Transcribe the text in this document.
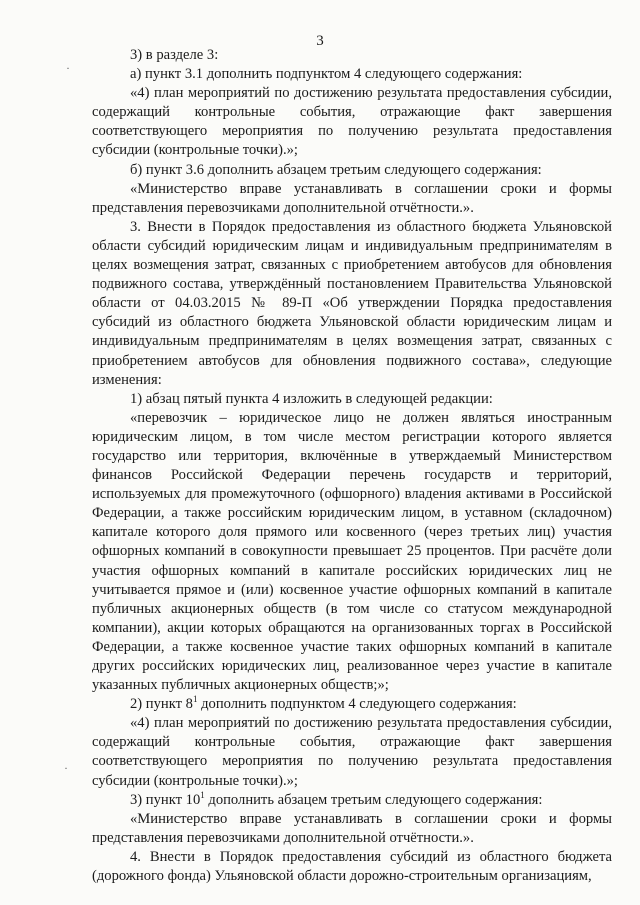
3
·
·

3) в разделе 3:

а) пункт 3.1 дополнить подпунктом 4 следующего содержания:

«4) план мероприятий по достижению результата предоставления субсидии, содержащий контрольные события, отражающие факт завершения соответствующего мероприятия по получению результата предоставления субсидии (контрольные точки).»;

б) пункт 3.6 дополнить абзацем третьим следующего содержания:

«Министерство вправе устанавливать в соглашении сроки и формы представления перевозчиками дополнительной отчётности.».

3. Внести в Порядок предоставления из областного бюджета Ульяновской области субсидий юридическим лицам и индивидуальным предпринимателям в целях возмещения затрат, связанных с приобретением автобусов для обновления подвижного состава, утверждённый постановлением Правительства Ульяновской области от 04.03.2015 № 89-П «Об утверждении Порядка предоставления субсидий из областного бюджета Ульяновской области юридическим лицам и индивидуальным предпринимателям в целях возмещения затрат, связанных с приобретением автобусов для обновления подвижного состава», следующие изменения:

1) абзац пятый пункта 4 изложить в следующей редакции:

«перевозчик – юридическое лицо не должен являться иностранным юридическим лицом, в том числе местом регистрации которого является государство или территория, включённые в утверждаемый Министерством финансов Российской Федерации перечень государств и территорий, используемых для промежуточного (офшорного) владения активами в Российской Федерации, а также российским юридическим лицом, в уставном (складочном) капитале которого доля прямого или косвенного (через третьих лиц) участия офшорных компаний в совокупности превышает 25 процентов. При расчёте доли участия офшорных компаний в капитале российских юридических лиц не учитывается прямое и (или) косвенное участие офшорных компаний в капитале публичных акционерных обществ (в том числе со статусом международной компании), акции которых обращаются на организованных торгах в Российской Федерации, а также косвенное участие таких офшорных компаний в капитале других российских юридических лиц, реализованное через участие в капитале указанных публичных акционерных обществ;»;

2) пункт $8^1$ дополнить подпунктом 4 следующего содержания:

«4) план мероприятий по достижению результата предоставления субсидии, содержащий контрольные события, отражающие факт завершения соответствующего мероприятия по получению результата предоставления субсидии (контрольные точки).»;

3) пункт $10^1$ дополнить абзацем третьим следующего содержания:

«Министерство вправе устанавливать в соглашении сроки и формы представления перевозчиками дополнительной отчётности.».

4. Внести в Порядок предоставления субсидий из областного бюджета (дорожного фонда) Ульяновской области дорожно-строительным организациям,
